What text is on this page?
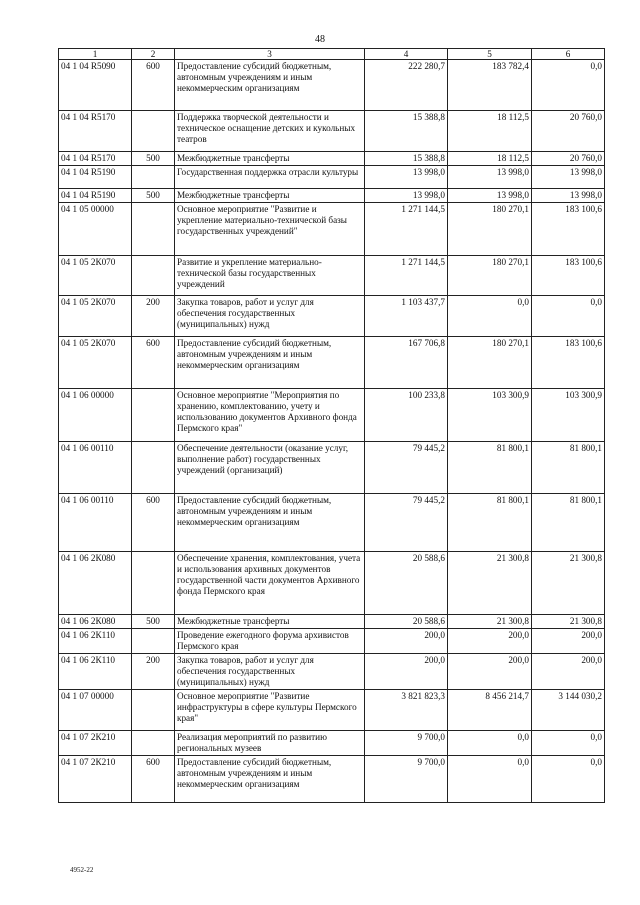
48
1	2	3	4	5	6
04 1 04 R5090	600	Предоставление субсидий бюджетным, автономным учреждениям и иным некоммерческим организациям	222 280,7	183 782,4	0,0
04 1 04 R5170		Поддержка творческой деятельности и техническое оснащение детских и кукольных театров	15 388,8	18 112,5	20 760,0
04 1 04 R5170	500	Межбюджетные трансферты	15 388,8	18 112,5	20 760,0
04 1 04 R5190		Государственная поддержка отрасли культуры	13 998,0	13 998,0	13 998,0
04 1 04 R5190	500	Межбюджетные трансферты	13 998,0	13 998,0	13 998,0
04 1 05 00000		Основное мероприятие "Развитие и укрепление материально-технической базы государственных учреждений"	1 271 144,5	180 270,1	183 100,6
04 1 05 2К070		Развитие и укрепление материально-технической базы государственных учреждений	1 271 144,5	180 270,1	183 100,6
04 1 05 2К070	200	Закупка товаров, работ и услуг для обеспечения государственных (муниципальных) нужд	1 103 437,7	0,0	0,0
04 1 05 2К070	600	Предоставление субсидий бюджетным, автономным учреждениям и иным некоммерческим организациям	167 706,8	180 270,1	183 100,6
04 1 06 00000		Основное мероприятие "Мероприятия по хранению, комплектованию, учету и использованию документов Архивного фонда Пермского края"	100 233,8	103 300,9	103 300,9
04 1 06 00110		Обеспечение деятельности (оказание услуг, выполнение работ) государственных учреждений (организаций)	79 445,2	81 800,1	81 800,1
04 1 06 00110	600	Предоставление субсидий бюджетным, автономным учреждениям и иным некоммерческим организациям	79 445,2	81 800,1	81 800,1
04 1 06 2К080		Обеспечение хранения, комплектования, учета и использования архивных документов государственной части документов Архивного фонда Пермского края	20 588,6	21 300,8	21 300,8
04 1 06 2К080	500	Межбюджетные трансферты	20 588,6	21 300,8	21 300,8
04 1 06 2К110		Проведение ежегодного форума архивистов Пермского края	200,0	200,0	200,0
04 1 06 2К110	200	Закупка товаров, работ и услуг для обеспечения государственных (муниципальных) нужд	200,0	200,0	200,0
04 1 07 00000		Основное мероприятие "Развитие инфраструктуры в сфере культуры Пермского края"	3 821 823,3	8 456 214,7	3 144 030,2
04 1 07 2К210		Реализация мероприятий по развитию региональных музеев	9 700,0	0,0	0,0
04 1 07 2К210	600	Предоставление субсидий бюджетным, автономным учреждениям и иным некоммерческим организациям	9 700,0	0,0	0,0
4952-22
